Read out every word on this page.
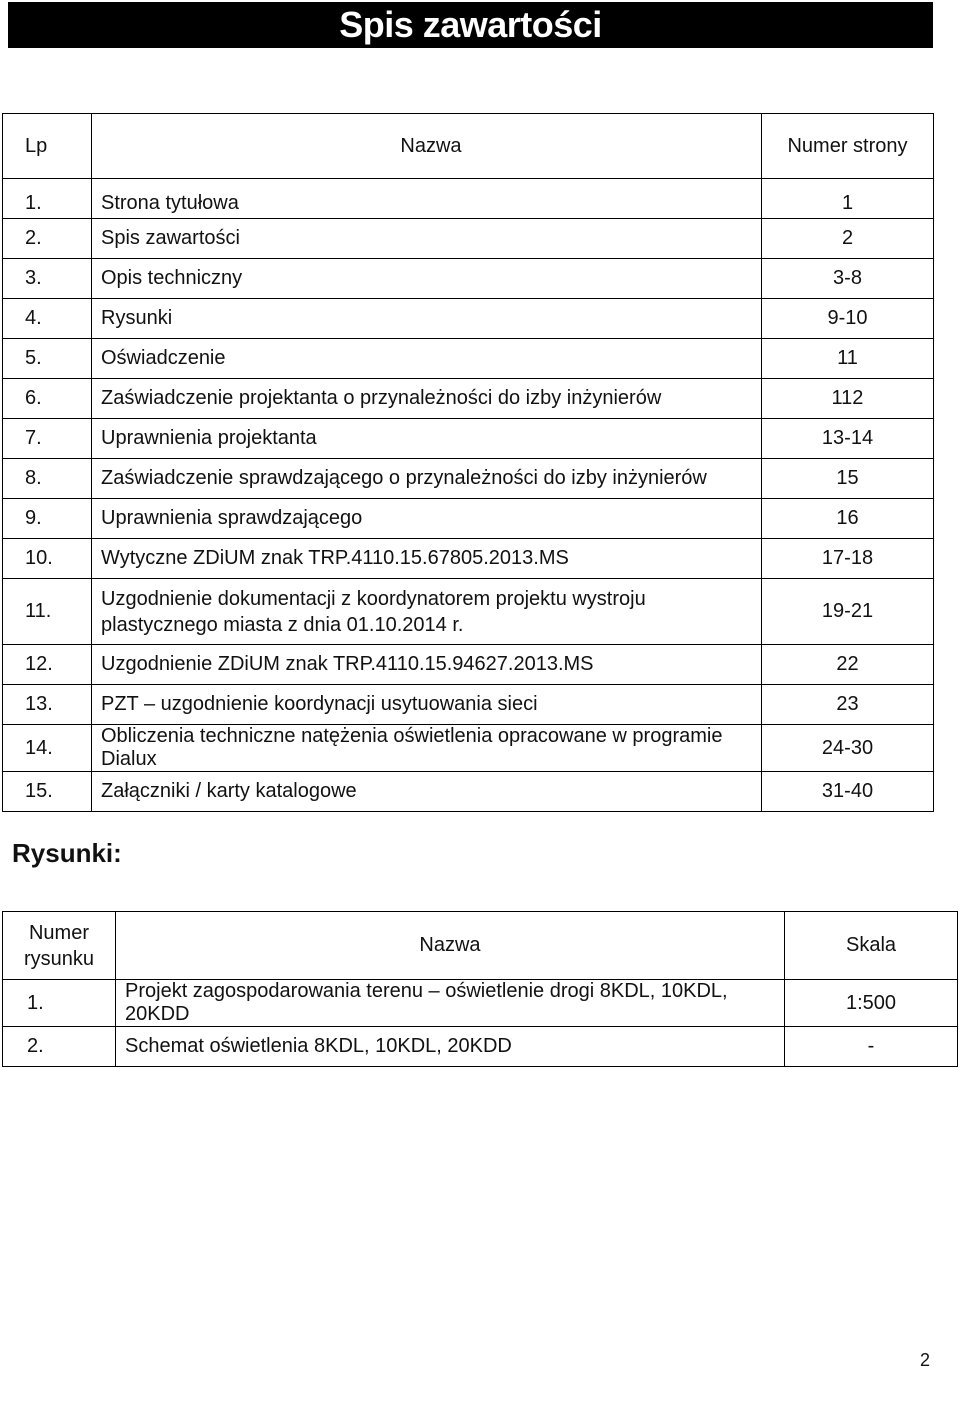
Spis zawartości
Lp	Nazwa	Numer strony
1.	Strona tytułowa	1
2.	Spis zawartości	2
3.	Opis techniczny	3-8
4.	Rysunki	9-10
5.	Oświadczenie	11
6.	Zaświadczenie projektanta o przynależności do izby inżynierów	112
7.	Uprawnienia projektanta	13-14
8.	Zaświadczenie sprawdzającego o przynależności do izby inżynierów	15
9.	Uprawnienia sprawdzającego	16
10.	Wytyczne ZDiUM znak TRP.4110.15.67805.2013.MS	17-18
11.	Uzgodnienie dokumentacji z koordynatorem projektu wystroju plastycznego miasta z dnia 01.10.2014 r.	19-21
12.	Uzgodnienie ZDiUM znak TRP.4110.15.94627.2013.MS	22
13.	PZT – uzgodnienie koordynacji usytuowania sieci	23
14.	Obliczenia techniczne natężenia oświetlenia opracowane w programie Dialux	24-30
15.	Załączniki / karty katalogowe	31-40
Rysunki:
Numer rysunku	Nazwa	Skala
1.	Projekt zagospodarowania terenu – oświetlenie drogi 8KDL, 10KDL, 20KDD	1:500
2.	Schemat oświetlenia 8KDL, 10KDL, 20KDD	-
2
